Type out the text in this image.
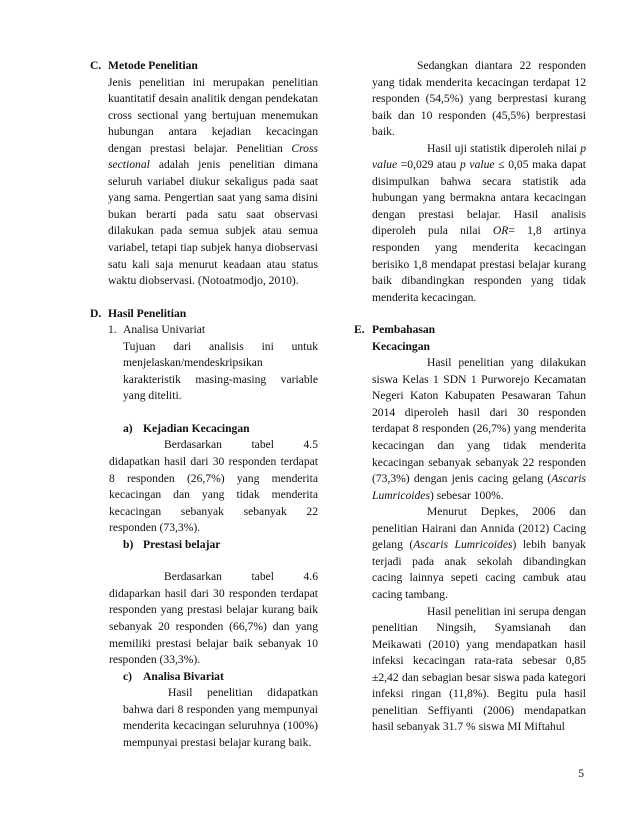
C. Metode Penelitian

Jenis penelitian ini merupakan penelitian kuantitatif desain analitik dengan pendekatan cross sectional yang bertujuan menemukan hubungan antara kejadian kecacingan dengan prestasi belajar. Penelitian Cross sectional adalah jenis penelitian dimana seluruh variabel diukur sekaligus pada saat yang sama. Pengertian saat yang sama disini bukan berarti pada satu saat observasi dilakukan pada semua subjek atau semua variabel, tetapi tiap subjek hanya diobservasi satu kali saja menurut keadaan atau status waktu diobservasi. (Notoatmodjo, 2010).

D. Hasil Penelitian
1. Analisa Univariat

Tujuan dari analisis ini untuk menjelaskan/mendeskripsikan karakteristik masing-masing variable yang diteliti.

a) Kejadian Kecacingan

Berdasarkan tabel 4.5 didapatkan hasil dari 30 responden terdapat 8 responden (26,7%) yang menderita kecacingan dan yang tidak menderita kecacingan sebanyak sebanyak 22 responden (73,3%).

b) Prestasi belajar

Berdasarkan tabel 4.6 didaparkan hasil dari 30 responden terdapat responden yang prestasi belajar kurang baik sebanyak 20 responden (66,7%) dan yang memiliki prestasi belajar baik sebanyak 10 responden (33,3%).

c) Analisa Bivariat

Hasil penelitian didapatkan bahwa dari 8 responden yang mempunyai menderita kecacingan seluruhnya (100%) mempunyai prestasi belajar kurang baik.

Sedangkan diantara 22 responden yang tidak menderita kecacingan terdapat 12 responden (54,5%) yang berprestasi kurang baik dan 10 responden (45,5%) berprestasi baik.

Hasil uji statistik diperoleh nilai p value =0,029 atau p value ≤ 0,05 maka dapat disimpulkan bahwa secara statistik ada hubungan yang bermakna antara kecacingan dengan prestasi belajar. Hasil analisis diperoleh pula nilai OR= 1,8 artinya responden yang menderita kecacingan berisiko 1,8 mendapat prestasi belajar kurang baik dibandingkan responden yang tidak menderita kecacingan.

E. Pembahasan

Kecacingan

Hasil penelitian yang dilakukan siswa Kelas 1 SDN 1 Purworejo Kecamatan Negeri Katon Kabupaten Pesawaran Tahun 2014 diperoleh hasil dari 30 responden terdapat 8 responden (26,7%) yang menderita kecacingan dan yang tidak menderita kecacingan sebanyak sebanyak 22 responden (73,3%) dengan jenis cacing gelang (Ascaris Lumricoides) sebesar 100%.

Menurut Depkes, 2006 dan penelitian Hairani dan Annida (2012) Cacing gelang (Ascaris Lumricoides) lebih banyak terjadi pada anak sekolah dibandingkan cacing lainnya sepeti cacing cambuk atau cacing tambang.

Hasil penelitian ini serupa dengan penelitian Ningsih, Syamsianah dan Meikawati (2010) yang mendapatkan hasil infeksi kecacingan rata-rata sebesar 0,85 ±2,42 dan sebagian besar siswa pada kategori infeksi ringan (11,8%). Begitu pula hasil penelitian Seffiyanti (2006) mendapatkan hasil sebanyak 31.7 % siswa MI Miftahul

5
